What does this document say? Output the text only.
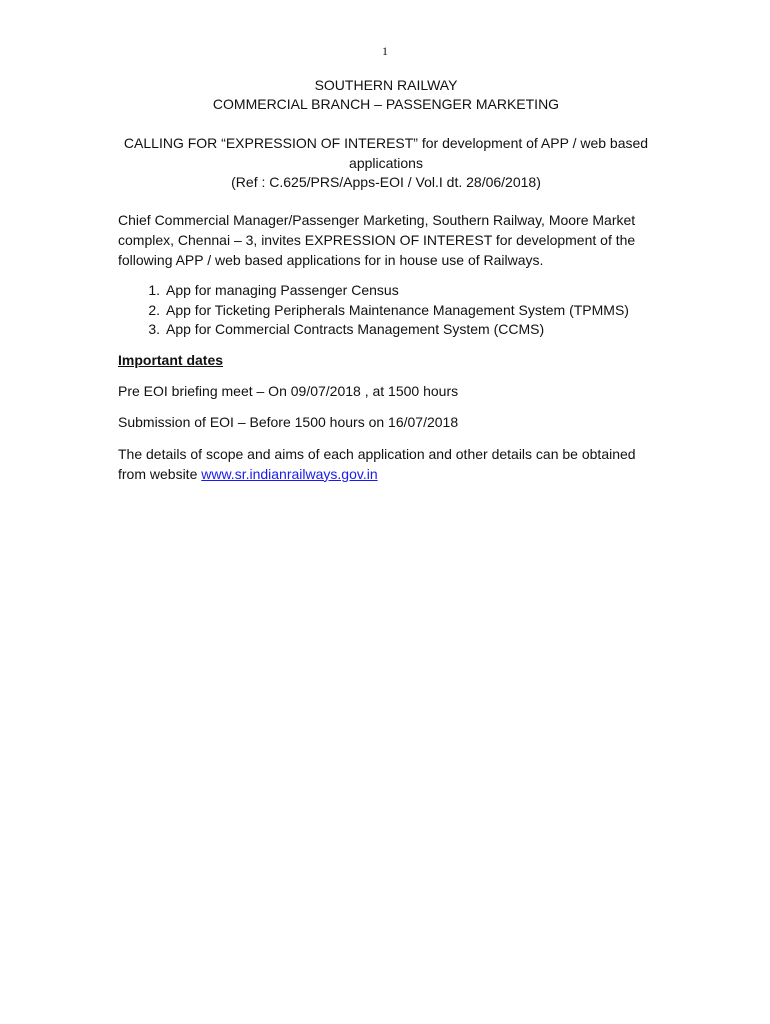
1
SOUTHERN RAILWAY
COMMERCIAL BRANCH – PASSENGER MARKETING
CALLING FOR “EXPRESSION OF INTEREST” for development of APP / web based
applications
(Ref : C.625/PRS/Apps-EOI / Vol.I dt. 28/06/2018)
Chief Commercial Manager/Passenger Marketing, Southern Railway, Moore Market
complex, Chennai – 3, invites EXPRESSION OF INTEREST for development of the
following APP / web based applications for in house use of Railways.
1. App for managing Passenger Census
2. App for Ticketing Peripherals Maintenance Management System (TPMMS)
3. App for Commercial Contracts Management System (CCMS)
Important dates
Pre EOI briefing meet – On 09/07/2018 , at 1500 hours
Submission of EOI – Before 1500 hours on 16/07/2018
The details of scope and aims of each application and other details can be obtained
from website www.sr.indianrailways.gov.in
